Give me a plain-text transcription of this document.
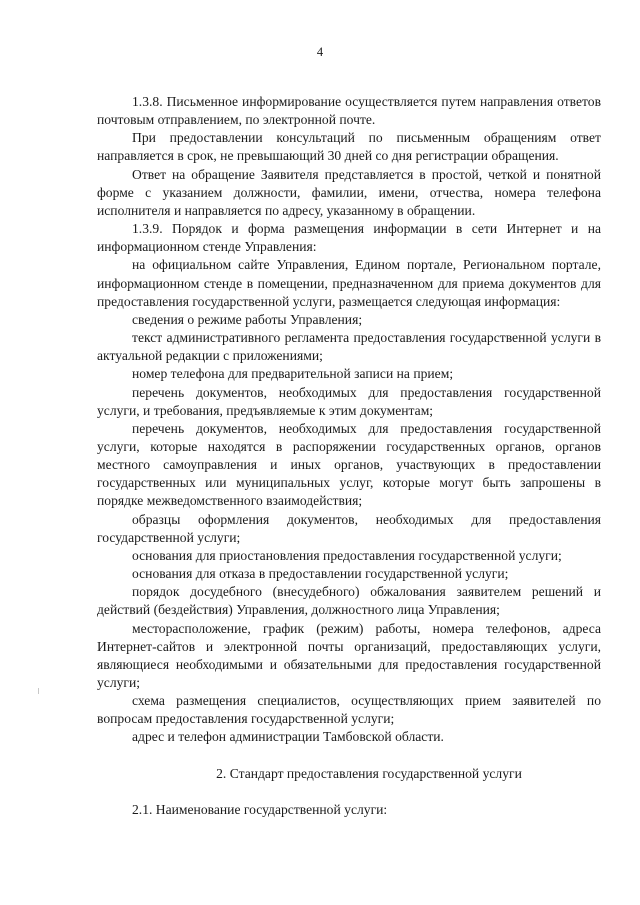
4

1.3.8. Письменное информирование осуществляется путем направления ответов почтовым отправлением, по электронной почте.

При предоставлении консультаций по письменным обращениям ответ направляется в срок, не превышающий 30 дней со дня регистрации обращения.

Ответ на обращение Заявителя представляется в простой, четкой и понятной форме с указанием должности, фамилии, имени, отчества, номера телефона исполнителя и направляется по адресу, указанному в обращении.

1.3.9. Порядок и форма размещения информации в сети Интернет и на информационном стенде Управления:

на официальном сайте Управления, Едином портале, Региональном портале, информационном стенде в помещении, предназначенном для приема документов для предоставления государственной услуги, размещается следующая информация:

сведения о режиме работы Управления;

текст административного регламента предоставления государственной услуги в актуальной редакции с приложениями;

номер телефона для предварительной записи на прием;

перечень документов, необходимых для предоставления государственной услуги, и требования, предъявляемые к этим документам;

перечень документов, необходимых для предоставления государственной услуги, которые находятся в распоряжении государственных органов, органов местного самоуправления и иных органов, участвующих в предоставлении государственных или муниципальных услуг, которые могут быть запрошены в порядке межведомственного взаимодействия;

образцы оформления документов, необходимых для предоставления государственной услуги;

основания для приостановления предоставления государственной услуги;

основания для отказа в предоставлении государственной услуги;

порядок досудебного (внесудебного) обжалования заявителем решений и действий (бездействия) Управления, должностного лица Управления;

месторасположение, график (режим) работы, номера телефонов, адреса Интернет-сайтов и электронной почты организаций, предоставляющих услуги, являющиеся необходимыми и обязательными для предоставления государственной услуги;

схема размещения специалистов, осуществляющих прием заявителей по вопросам предоставления государственной услуги;

адрес и телефон администрации Тамбовской области.

2. Стандарт предоставления государственной услуги

2.1. Наименование государственной услуги:
